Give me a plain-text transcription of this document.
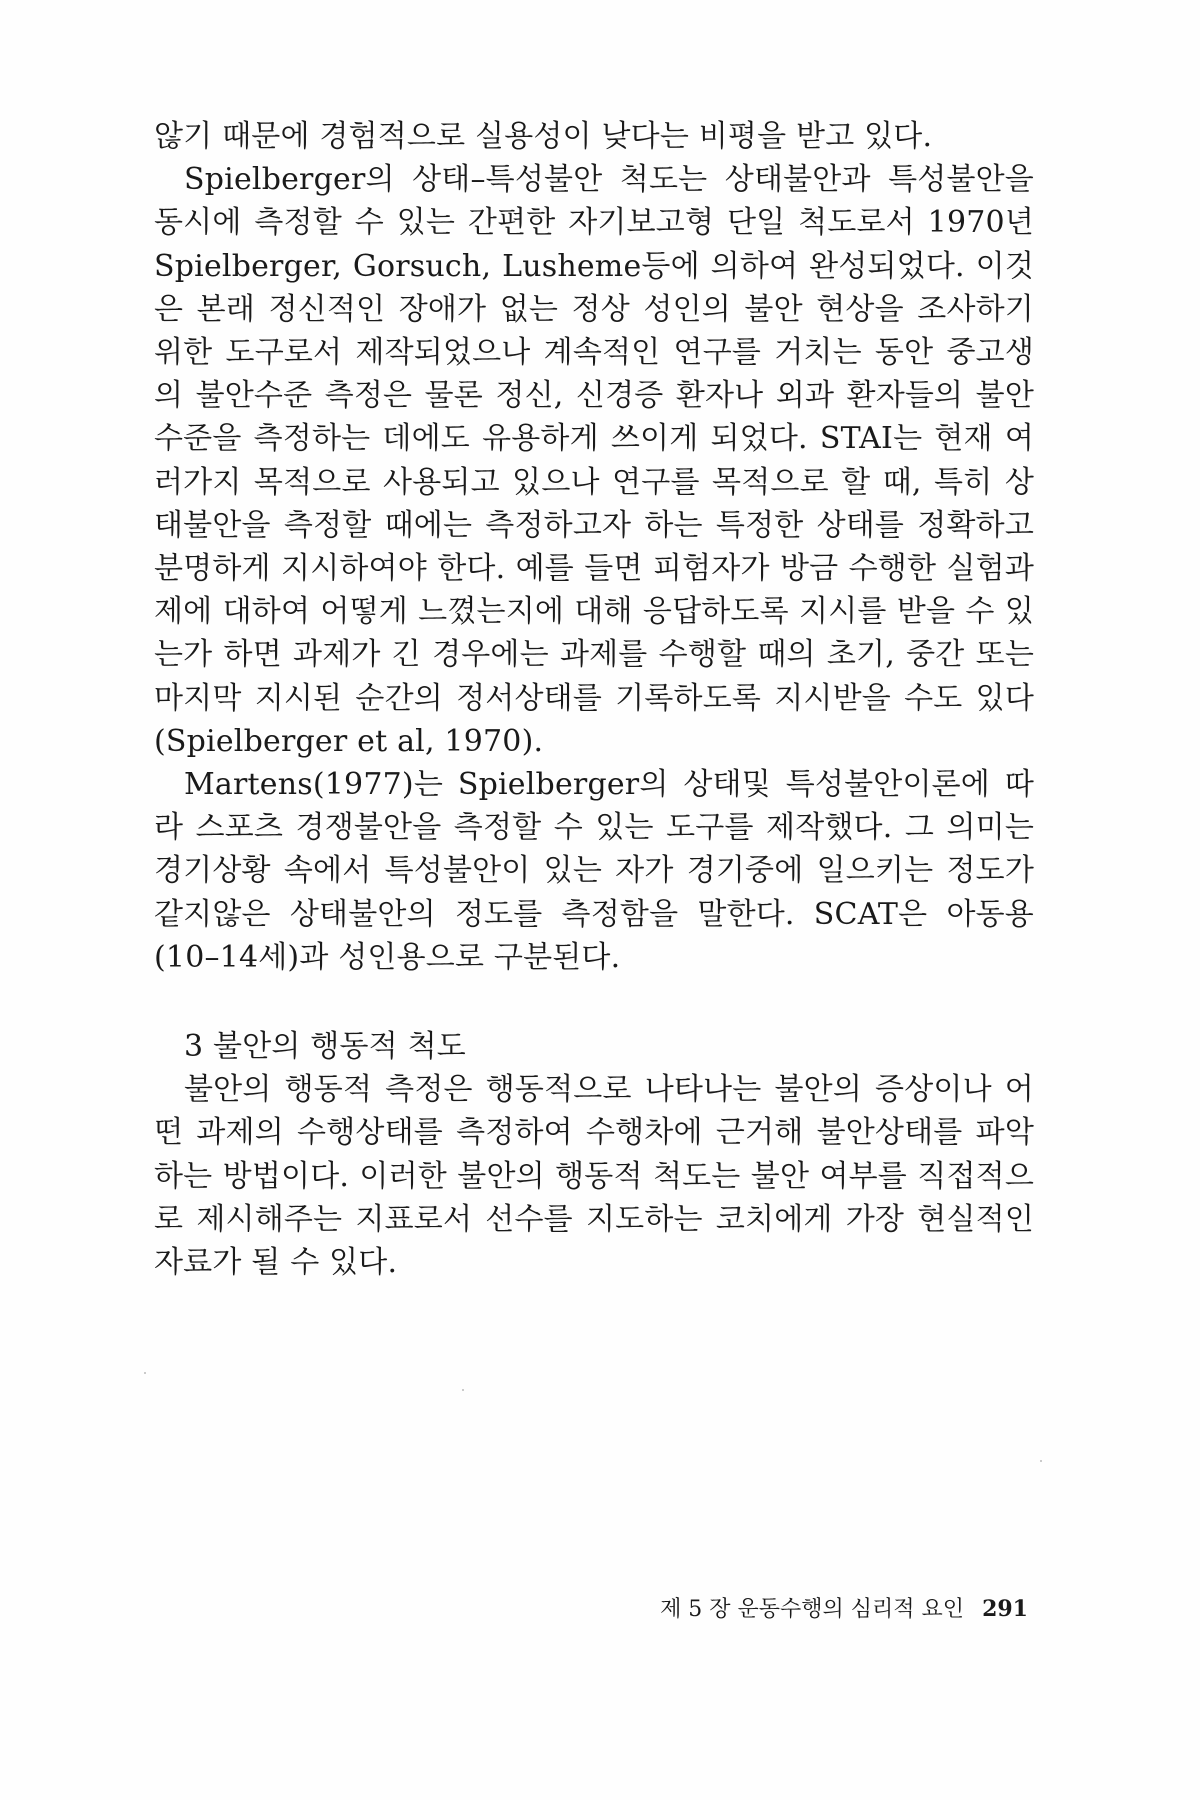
않기 때문에 경험적으로 실용성이 낮다는 비평을 받고 있다.

Spielberger의 상태–특성불안 척도는 상태불안과 특성불안을 동시에 측정할 수 있는 간편한 자기보고형 단일 척도로서 1970년 Spielberger, Gorsuch, Lusheme등에 의하여 완성되었다. 이것은 본래 정신적인 장애가 없는 정상 성인의 불안 현상을 조사하기 위한 도구로서 제작되었으나 계속적인 연구를 거치는 동안 중고생의 불안수준 측정은 물론 정신, 신경증 환자나 외과 환자들의 불안 수준을 측정하는 데에도 유용하게 쓰이게 되었다. STAI는 현재 여러가지 목적으로 사용되고 있으나 연구를 목적으로 할 때, 특히 상태불안을 측정할 때에는 측정하고자 하는 특정한 상태를 정확하고 분명하게 지시하여야 한다. 예를 들면 피험자가 방금 수행한 실험과제에 대하여 어떻게 느꼈는지에 대해 응답하도록 지시를 받을 수 있는가 하면 과제가 긴 경우에는 과제를 수행할 때의 초기, 중간 또는 마지막 지시된 순간의 정서상태를 기록하도록 지시받을 수도 있다(Spielberger et al, 1970).

Martens(1977)는 Spielberger의 상태및 특성불안이론에 따라 스포츠 경쟁불안을 측정할 수 있는 도구를 제작했다. 그 의미는 경기상황 속에서 특성불안이 있는 자가 경기중에 일으키는 정도가 같지않은 상태불안의 정도를 측정함을 말한다. SCAT은 아동용(10–14세)과 성인용으로 구분된다.

3 불안의 행동적 척도

불안의 행동적 측정은 행동적으로 나타나는 불안의 증상이나 어떤 과제의 수행상태를 측정하여 수행차에 근거해 불안상태를 파악하는 방법이다. 이러한 불안의 행동적 척도는 불안 여부를 직접적으로 제시해주는 지표로서 선수를 지도하는 코치에게 가장 현실적인 자료가 될 수 있다.

제 5 장 운동수행의 심리적 요인 291
